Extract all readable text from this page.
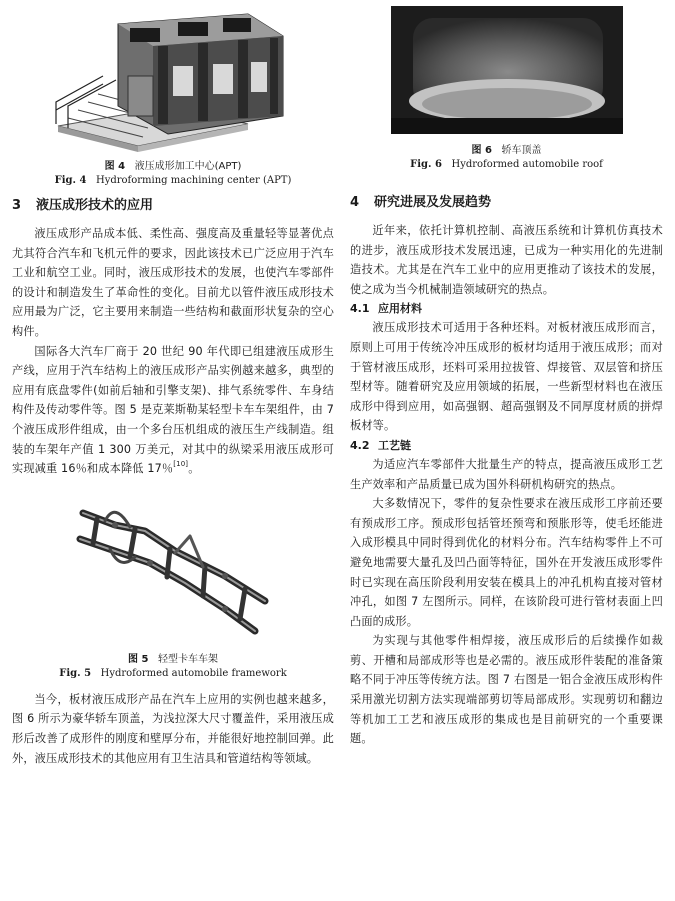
图 4 液压成形加工中心(APT)
Fig. 4 Hydroforming machining center (APT)
3 液压成形技术的应用

液压成形产品成本低、柔性高、强度高及重量轻等显著优点尤其符合汽车和飞机元件的要求，因此该技术已广泛应用于汽车工业和航空工业。同时，液压成形技术的发展，也使汽车零部件的设计和制造发生了革命性的变化。目前尤以管件液压成形技术应用最为广泛，它主要用来制造一些结构和截面形状复杂的空心构件。

国际各大汽车厂商于 20 世纪 90 年代即已组建液压成形生产线，应用于汽车结构上的液压成形产品实例越来越多，典型的应用有底盘零件(如前后轴和引擎支架)、排气系统零件、车身结构件及传动零件等。图 5 是克莱斯勒某轻型卡车车架组件，由 7 个液压成形件组成，由一个多台压机组成的液压生产线制造。组装的车架年产值 1 300 万美元，对其中的纵梁采用液压成形可实现减重 16％和成本降低 17％[10]。

图 5 轻型卡车车架
Fig. 5 Hydroformed automobile framework

当今，板材液压成形产品在汽车上应用的实例也越来越多，图 6 所示为豪华轿车顶盖，为浅拉深大尺寸覆盖件，采用液压成形后改善了成形件的刚度和壁厚分布，并能很好地控制回弹。此外，液压成形技术的其他应用有卫生洁具和管道结构等领域。

图 6 轿车顶盖
Fig. 6 Hydroformed automobile roof
4 研究进展及发展趋势

近年来，依托计算机控制、高液压系统和计算机仿真技术的进步，液压成形技术发展迅速，已成为一种实用化的先进制造技术。尤其是在汽车工业中的应用更推动了该技术的发展，使之成为当今机械制造领域研究的热点。

4.1 应用材料

液压成形技术可适用于各种坯料。对板材液压成形而言，原则上可用于传统冷冲压成形的板材均适用于液压成形；而对于管材液压成形，坯料可采用拉拔管、焊接管、双层管和挤压型材等。随着研究及应用领域的拓展，一些新型材料也在液压成形中得到应用，如高强钢、超高强钢及不同厚度材质的拼焊板材等。

4.2 工艺链

为适应汽车零部件大批量生产的特点，提高液压成形工艺生产效率和产品质量已成为国外科研机构研究的热点。

大多数情况下，零件的复杂性要求在液压成形工序前还要有预成形工序。预成形包括管坯预弯和预胀形等，使毛坯能进入成形模具中同时得到优化的材料分布。汽车结构零件上不可避免地需要大量孔及凹凸面等特征，国外在开发液压成形零件时已实现在高压阶段利用安装在模具上的冲孔机构直接对管材冲孔，如图 7 左图所示。同样，在该阶段可进行管材表面上凹凸面的成形。

为实现与其他零件相焊接，液压成形后的后续操作如裁剪、开槽和局部成形等也是必需的。液压成形件装配的准备策略不同于冲压等传统方法。图 7 右图是一铝合金液压成形构件采用激光切割方法实现端部剪切等局部成形。实现剪切和翻边等机加工工艺和液压成形的集成也是目前研究的一个重要课题。
